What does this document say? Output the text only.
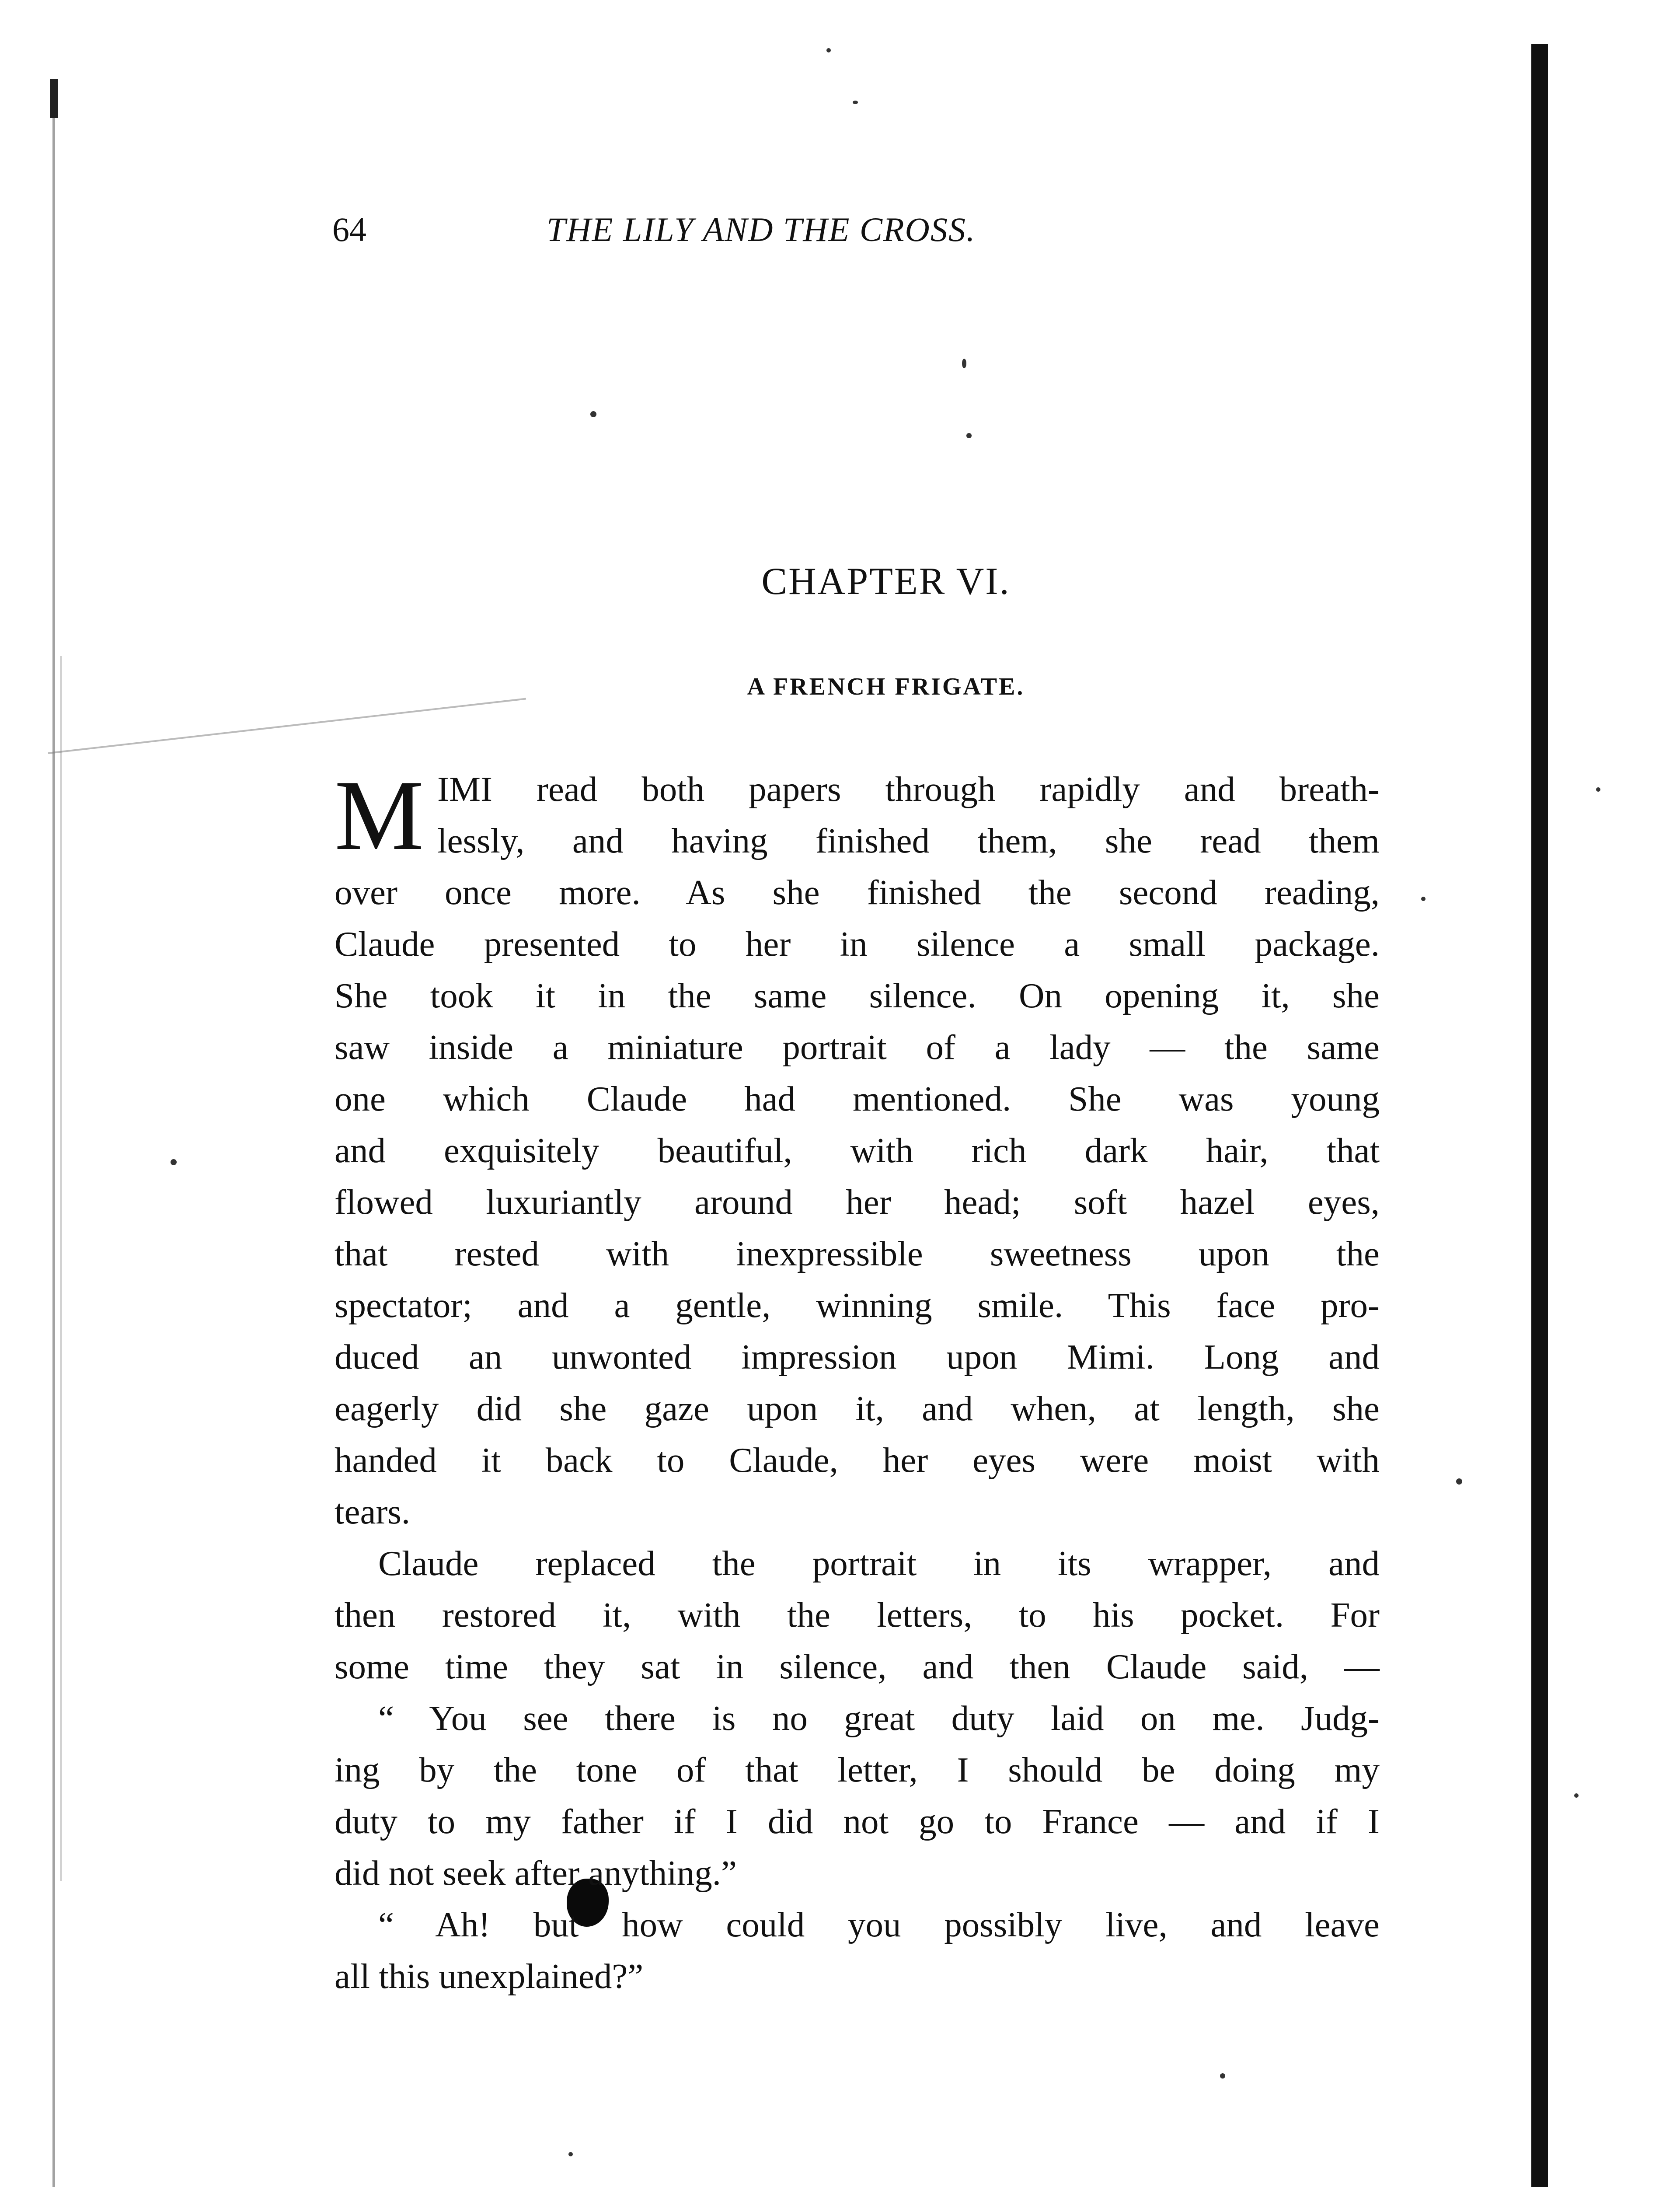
64	THE LILY AND THE CROSS.
CHAPTER VI.
A FRENCH FRIGATE.
M IMI read both papers through rapidly and breath-
lessly, and having finished them, she read them
over once more. As she finished the second reading,
Claude presented to her in silence a small package.
She took it in the same silence. On opening it, she
saw inside a miniature portrait of a lady — the same
one which Claude had mentioned. She was young
and exquisitely beautiful, with rich dark hair, that
flowed luxuriantly around her head; soft hazel eyes,
that rested with inexpressible sweetness upon the
spectator; and a gentle, winning smile. This face pro-
duced an unwonted impression upon Mimi. Long and
eagerly did she gaze upon it, and when, at length, she
handed it back to Claude, her eyes were moist with
tears.
Claude replaced the portrait in its wrapper, and
then restored it, with the letters, to his pocket. For
some time they sat in silence, and then Claude said, —
“ You see there is no great duty laid on me. Judg-
ing by the tone of that letter, I should be doing my
duty to my father if I did not go to France — and if I
did not seek after anything.”
“ Ah! but how could you possibly live, and leave
all this unexplained?”
